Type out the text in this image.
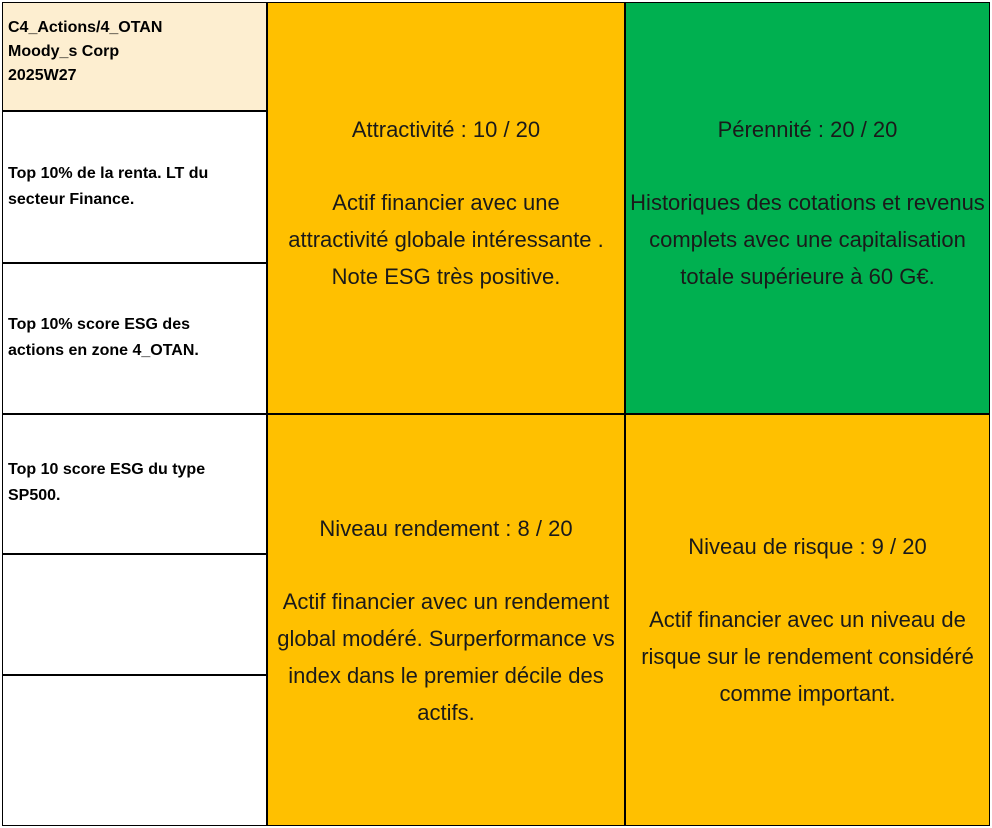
C4_Actions/4_OTAN
Moody_s Corp
2025W27
Top 10% de la renta. LT du secteur Finance.
Top 10% score ESG des actions en zone 4_OTAN.
Top 10 score ESG du type SP500.
Attractivité : 10 / 20
Actif financier avec une attractivité globale intéressante . Note ESG très positive.
Pérennité : 20 / 20
Historiques des cotations et revenus complets avec une capitalisation totale supérieure à 60 G€.
Niveau rendement : 8 / 20
Actif financier avec un rendement global modéré. Surperformance vs index dans le premier décile des actifs.
Niveau de risque : 9 / 20
Actif financier avec un niveau de risque sur le rendement considéré comme important.
